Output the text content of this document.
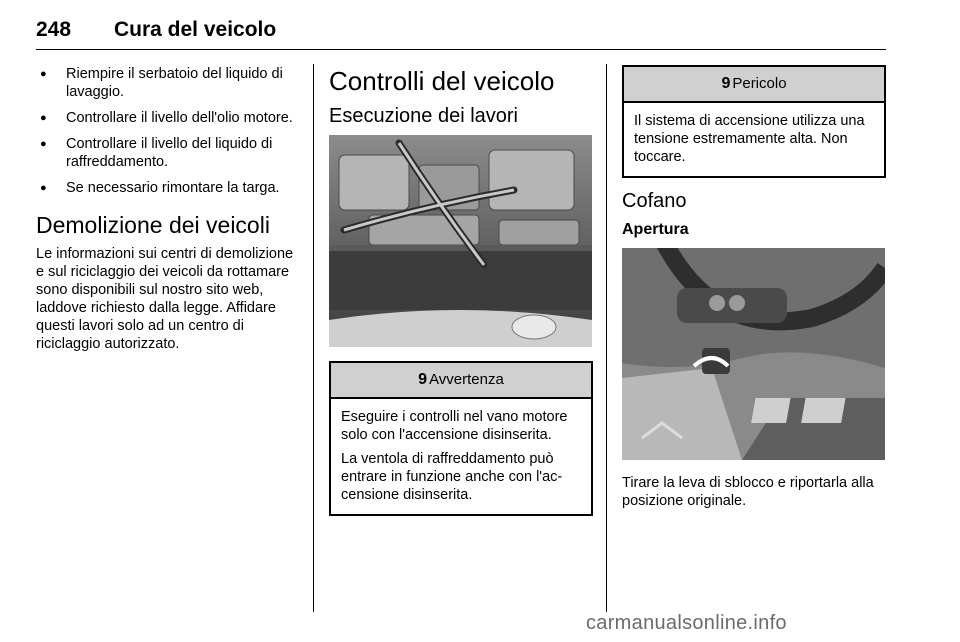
248 Cura del veicolo
● Riempire il serbatoio del liquido di lavaggio.
● Controllare il livello dell'olio motore.
● Controllare il livello del liquido di raffreddamento.
● Se necessario rimontare la targa.
Demolizione dei veicoli

Le informazioni sui centri di demolizione e sul riciclaggio dei veicoli da rottamare sono disponibili sul nostro sito web, laddove richiesto dalla legge. Affidare questi lavori solo ad un centro di riciclaggio autorizzato.

Controlli del veicolo
Esecuzione dei lavori
9 Avvertenza

Eseguire i controlli nel vano motore solo con l'accensione disinserita.

La ventola di raffreddamento può entrare in funzione anche con l'accensione disinserita.

9 Pericolo

Il sistema di accensione utilizza una tensione estremamente alta. Non toccare.

Cofano
Apertura

Tirare la leva di sblocco e riportarla alla posizione originale.

carmanualsonline.info
